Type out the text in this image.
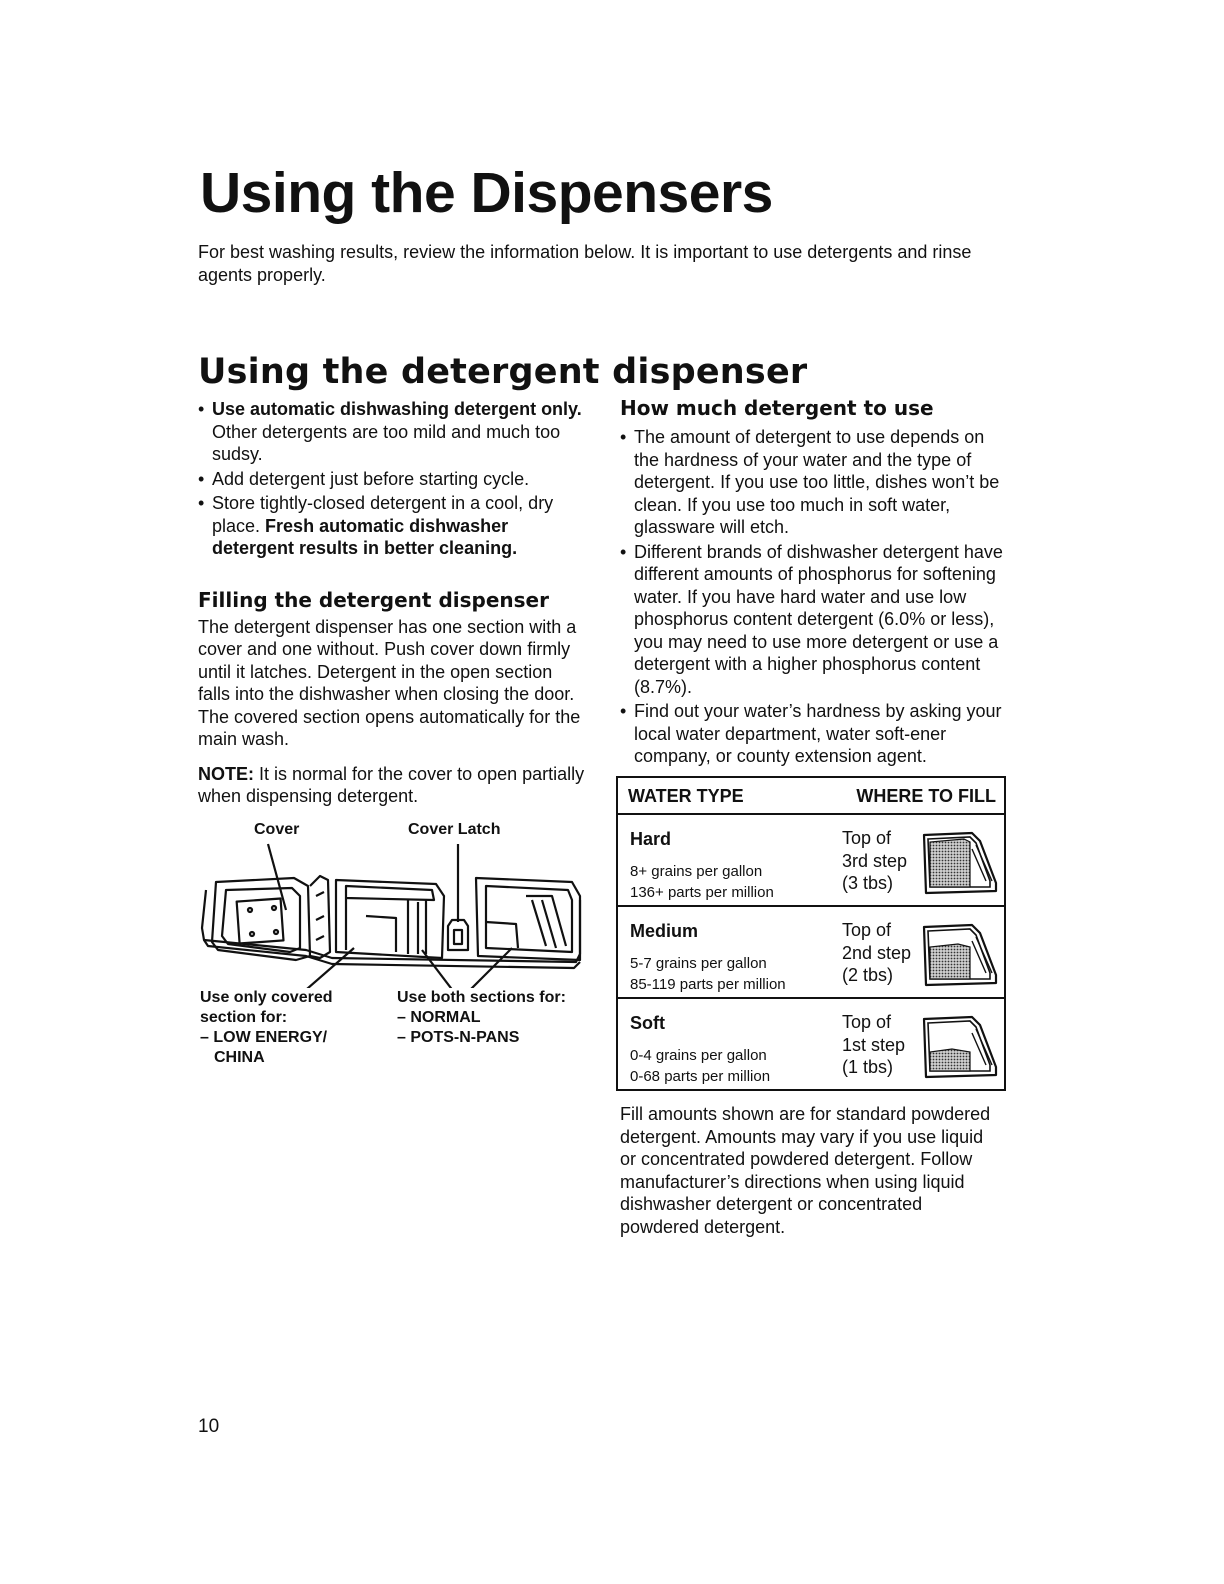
Using the Dispensers

For best washing results, review the information below. It is important to use detergents and rinse agents properly.

Using the detergent dispenser
• Use automatic dishwashing detergent only. Other detergents are too mild and much too sudsy.
• Add detergent just before starting cycle.
• Store tightly-closed detergent in a cool, dry place. Fresh automatic dishwasher detergent results in better cleaning.
Filling the detergent dispenser

The detergent dispenser has one section with a cover and one without. Push cover down firmly until it latches. Detergent in the open section falls into the dishwasher when closing the door. The covered section opens automatically for the main wash.

NOTE: It is normal for the cover to open partially when dispensing detergent.

Cover	Cover Latch
Use only covered
section for:
– LOW ENERGY/
CHINA
Use both sections for:
– NORMAL
– POTS-N-PANS
How much detergent to use
• The amount of detergent to use depends on the hardness of your water and the type of detergent. If you use too little, dishes won’t be clean. If you use too much in soft water, glassware will etch.
• Different brands of dishwasher detergent have different amounts of phosphorus for softening water. If you have hard water and use low phosphorus content detergent (6.0% or less), you may need to use more detergent or use a detergent with a higher phosphorus content (8.7%).
• Find out your water’s hardness by asking your local water department, water soft-ener company, or county extension agent.
WATER TYPE	WHERE TO FILL
Hard
8+ grains per gallon
136+ parts per million
Top of
3rd step
(3 tbs)
Medium
5-7 grains per gallon
85-119 parts per million
Top of
2nd step
(2 tbs)
Soft
0-4 grains per gallon
0-68 parts per million
Top of
1st step
(1 tbs)

Fill amounts shown are for standard powdered detergent. Amounts may vary if you use liquid or concentrated powdered detergent. Follow manufacturer’s directions when using liquid dishwasher detergent or concentrated powdered detergent.

10
